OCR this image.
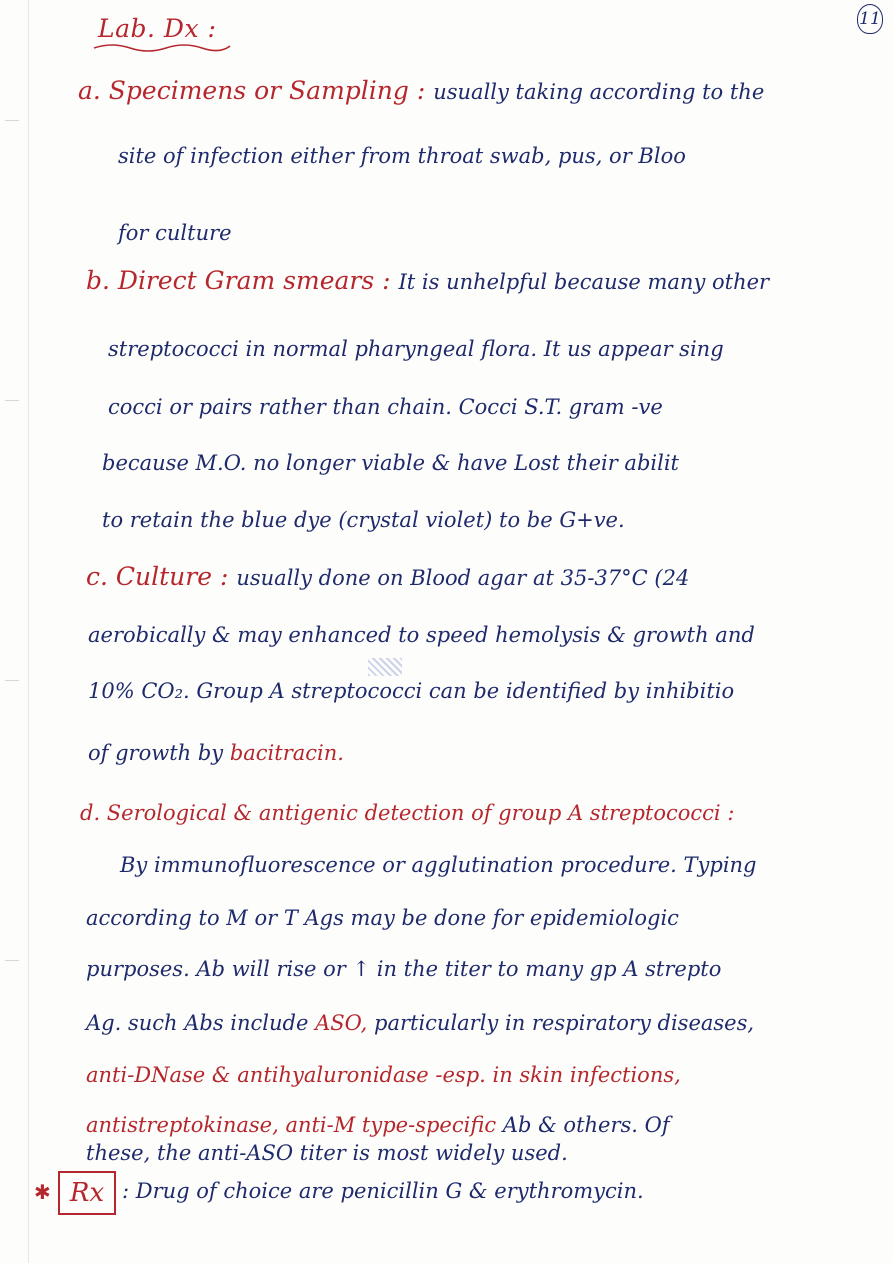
11
Lab. Dx :
a. Specimens or Sampling : usually taking according to the
site of infection either from throat swab, pus, or Bloo
for culture
b. Direct Gram smears : It is unhelpful because many other
streptococci in normal pharyngeal flora. It us appear sing
cocci or pairs rather than chain. Cocci S.T. gram -ve
because M.O. no longer viable & have Lost their abilit
to retain the blue dye (crystal violet) to be G+ve.
c. Culture : usually done on Blood agar at 35-37°C (24
aerobically & may enhanced to speed hemolysis & growth and
10% CO₂. Group A streptococci can be identified by inhibitio
of growth by bacitracin.
d. Serological & antigenic detection of group A streptococci :
By immunofluorescence or agglutination procedure. Typing
according to M or T Ags may be done for epidemiologic
purposes. Ab will rise or ↑ in the titer to many gp A strepto
Ag. such Abs include ASO, particularly in respiratory diseases,
anti-DNase & antihyaluronidase -esp. in skin infections,
antistreptokinase, anti-M type-specific Ab & others. Of
these, the anti-ASO titer is most widely used.
✱ Rx : Drug of choice are penicillin G & erythromycin.
